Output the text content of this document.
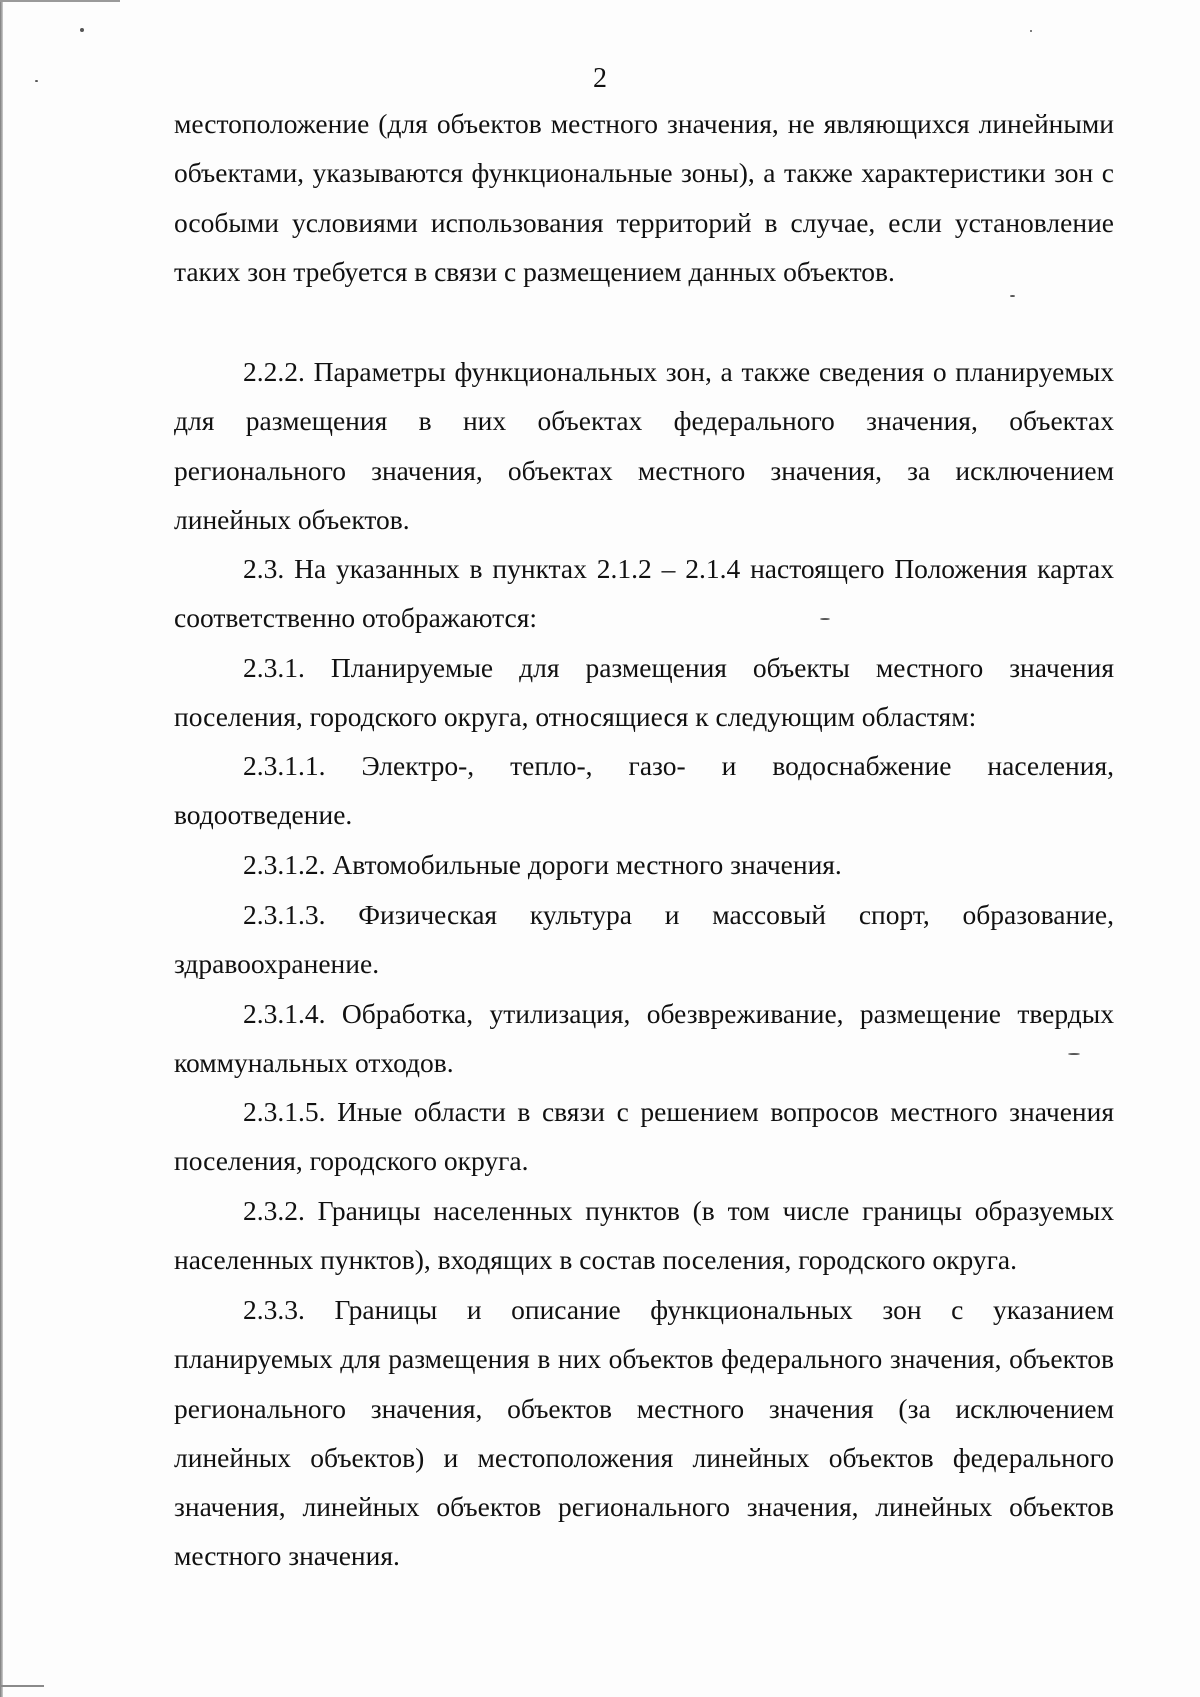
2

местоположение (для объектов местного значения, не являющихся линейными объектами, указываются функциональные зоны), а также характеристики зон с особыми условиями использования территорий в случае, если установление таких зон требуется в связи с размещением данных объектов.

2.2.2. Параметры функциональных зон, а также сведения о планируемых для размещения в них объектах федерального значения, объектах регионального значения, объектах местного значения, за исключением линейных объектов.

2.3. На указанных в пунктах 2.1.2 – 2.1.4 настоящего Положения картах соответственно отображаются:

2.3.1. Планируемые для размещения объекты местного значения поселения, городского округа, относящиеся к следующим областям:

2.3.1.1. Электро-, тепло-, газо- и водоснабжение населения, водоотведение.

2.3.1.2. Автомобильные дороги местного значения.

2.3.1.3. Физическая культура и массовый спорт, образование, здравоохранение.

2.3.1.4. Обработка, утилизация, обезвреживание, размещение твердых коммунальных отходов.

2.3.1.5. Иные области в связи с решением вопросов местного значения поселения, городского округа.

2.3.2. Границы населенных пунктов (в том числе границы образуемых населенных пунктов), входящих в состав поселения, городского округа.

2.3.3. Границы и описание функциональных зон с указанием планируемых для размещения в них объектов федерального значения, объектов регионального значения, объектов местного значения (за исключением линейных объектов) и местоположения линейных объектов федерального значения, линейных объектов регионального значения, линейных объектов местного значения.
